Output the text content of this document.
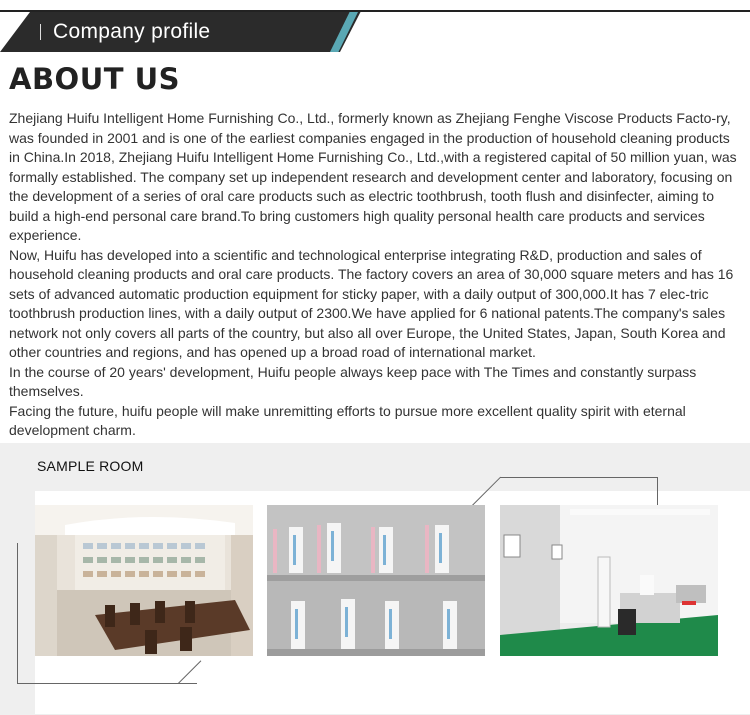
Company profile
ABOUT US

Zhejiang Huifu Intelligent Home Furnishing Co., Ltd., formerly known as Zhejiang Fenghe Viscose Products Facto-ry, was founded in 2001 and is one of the earliest companies engaged in the production of household cleaning products in China.In 2018, Zhejiang Huifu Intelligent Home Furnishing Co., Ltd.,with a registered capital of 50 million yuan, was formally established. The company set up independent research and development center and laboratory, focusing on the development of a series of oral care products such as electric toothbrush, tooth flush and disinfecter, aiming to build a high-end personal care brand.To bring customers high quality personal health care products and services experience.

Now, Huifu has developed into a scientific and technological enterprise integrating R&D, production and sales of household cleaning products and oral care products. The factory covers an area of 30,000 square meters and has 16 sets of advanced automatic production equipment for sticky paper, with a daily output of 300,000.It has 7 elec-tric toothbrush production lines, with a daily output of 2300.We have applied for 6 national patents.The company's sales network not only covers all parts of the country, but also all over Europe, the United States, Japan, South Korea and other countries and regions, and has opened up a broad road of international market.

In the course of 20 years' development, Huifu people always keep pace with The Times and constantly surpass themselves.

Facing the future, huifu people will make unremitting efforts to pursue more excellent quality spirit with eternal development charm.

SAMPLE ROOM
